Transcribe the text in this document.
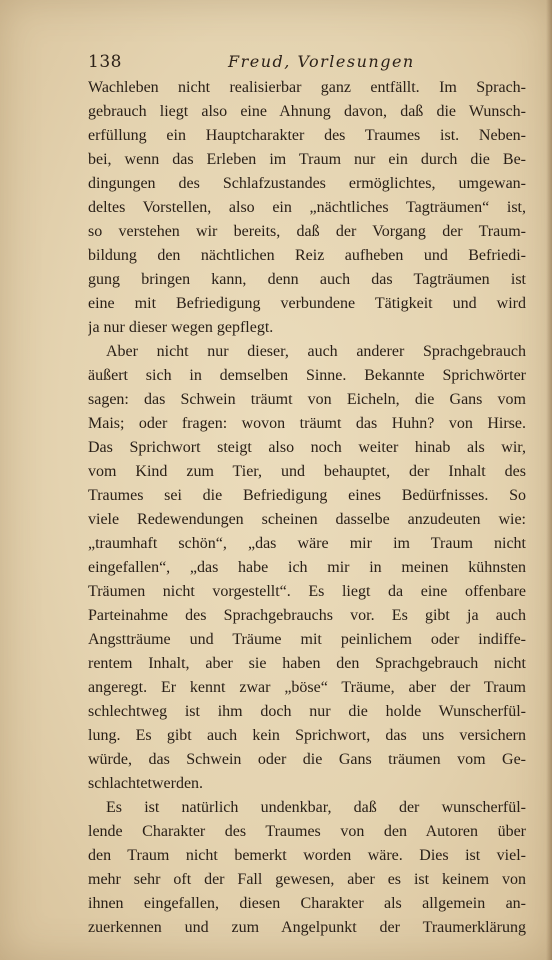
138	Freud, Vorlesungen
Wachleben nicht realisierbar ganz entfällt. Im Sprach-
gebrauch liegt also eine Ahnung davon, daß die Wunsch-
erfüllung ein Hauptcharakter des Traumes ist. Neben-
bei, wenn das Erleben im Traum nur ein durch die Be-
dingungen des Schlafzustandes ermöglichtes, umgewan-
deltes Vorstellen, also ein „nächtliches Tagträumen“ ist,
so verstehen wir bereits, daß der Vorgang der Traum-
bildung den nächtlichen Reiz aufheben und Befriedi-
gung bringen kann, denn auch das Tagträumen ist
eine mit Befriedigung verbundene Tätigkeit und wird
ja nur dieser wegen gepflegt.
Aber nicht nur dieser, auch anderer Sprachgebrauch
äußert sich in demselben Sinne. Bekannte Sprichwörter
sagen: das Schwein träumt von Eicheln, die Gans vom
Mais; oder fragen: wovon träumt das Huhn? von Hirse.
Das Sprichwort steigt also noch weiter hinab als wir,
vom Kind zum Tier, und behauptet, der Inhalt des
Traumes sei die Befriedigung eines Bedürfnisses. So
viele Redewendungen scheinen dasselbe anzudeuten wie:
„traumhaft schön“, „das wäre mir im Traum nicht
eingefallen“, „das habe ich mir in meinen kühnsten
Träumen nicht vorgestellt“. Es liegt da eine offenbare
Parteinahme des Sprachgebrauchs vor. Es gibt ja auch
Angstträume und Träume mit peinlichem oder indiffe-
rentem Inhalt, aber sie haben den Sprachgebrauch nicht
angeregt. Er kennt zwar „böse“ Träume, aber der Traum
schlechtweg ist ihm doch nur die holde Wunscherfül-
lung. Es gibt auch kein Sprichwort, das uns versichern
würde, das Schwein oder die Gans träumen vom Ge-
schlachtetwerden.
Es ist natürlich undenkbar, daß der wunscherfül-
lende Charakter des Traumes von den Autoren über
den Traum nicht bemerkt worden wäre. Dies ist viel-
mehr sehr oft der Fall gewesen, aber es ist keinem von
ihnen eingefallen, diesen Charakter als allgemein an-
zuerkennen und zum Angelpunkt der Traumerklärung
